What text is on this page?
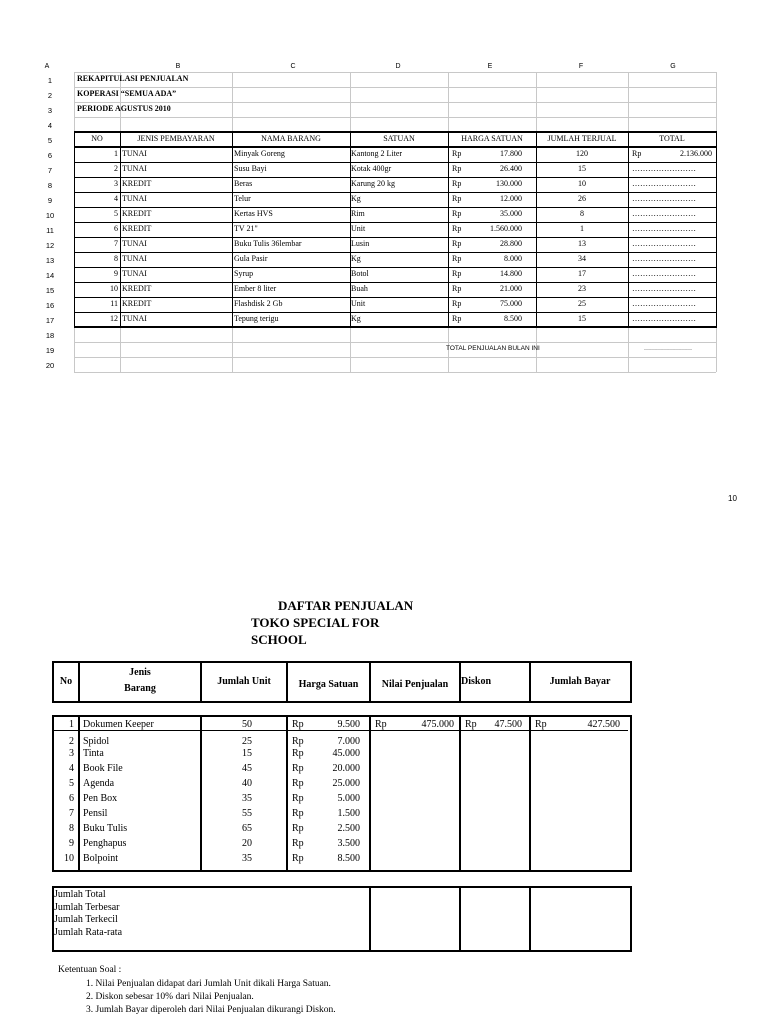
A	B	C	D	E	F	G
1
2
3
4
5
6
7
8
9
10
11
12
13
14
15
16
17
18
19
20
REKAPITULASI PENJUALAN
KOPERASI “SEMUA ADA”
PERIODE AGUSTUS 2010
NO	JENIS PEMBAYARAN	NAMA BARANG	SATUAN	HARGA SATUAN	JUMLAH TERJUAL	TOTAL
1 TUNAI	Minyak Goreng	Kantong 2 Liter	Rp	17.800	120	Rp	2.136.000
2 TUNAI	Susu Bayi	Kotak 400gr	Rp	26.400	15	……………………
3 KREDIT	Beras	Karung 20 kg	Rp	130.000	10	……………………
4 TUNAI	Telur	Kg	Rp	12.000	26	……………………
5 KREDIT	Kertas HVS	Rim	Rp	35.000	8	……………………
6 KREDIT	TV 21"	Unit	Rp	1.560.000	1	……………………
7 TUNAI	Buku Tulis 36lembar	Lusin	Rp	28.800	13	……………………
8 TUNAI	Gula Pasir	Kg	Rp	8.000	34	……………………
9 TUNAI	Syrup	Botol	Rp	14.800	17	……………………
10 KREDIT	Ember 8 liter	Buah	Rp	21.000	23	……………………
11 KREDIT	Flashdisk 2 Gb	Unit	Rp	75.000	25	……………………
12 TUNAI	Tepung terigu	Kg	Rp	8.500	15	……………………
TOTAL PENJUALAN BULAN INI	……………………
10
DAFTAR PENJUALAN
TOKO SPECIAL FOR
SCHOOL
No
Jenis
Barang
Jumlah Unit	Harga Satuan	Nilai Penjualan	Diskon	Jumlah Bayar
1 Dokumen Keeper	50	Rp	9.500 Rp	475.000 Rp	47.500 Rp	427.500
2 Spidol	25	Rp	7.000
3 Tinta	15	Rp	45.000
4 Book File	45	Rp	20.000
5 Agenda	40	Rp	25.000
6 Pen Box	35	Rp	5.000
7 Pensil	55	Rp	1.500
8 Buku Tulis	65	Rp	2.500
9 Penghapus	20	Rp	3.500
10 Bolpoint	35	Rp	8.500
Jumlah Total
Jumlah Terbesar
Jumlah Terkecil
Jumlah Rata-rata
Ketentuan Soal :
1. Nilai Penjualan didapat dari Jumlah Unit dikali Harga Satuan.
2. Diskon sebesar 10% dari Nilai Penjualan.
3. Jumlah Bayar diperoleh dari Nilai Penjualan dikurangi Diskon.
